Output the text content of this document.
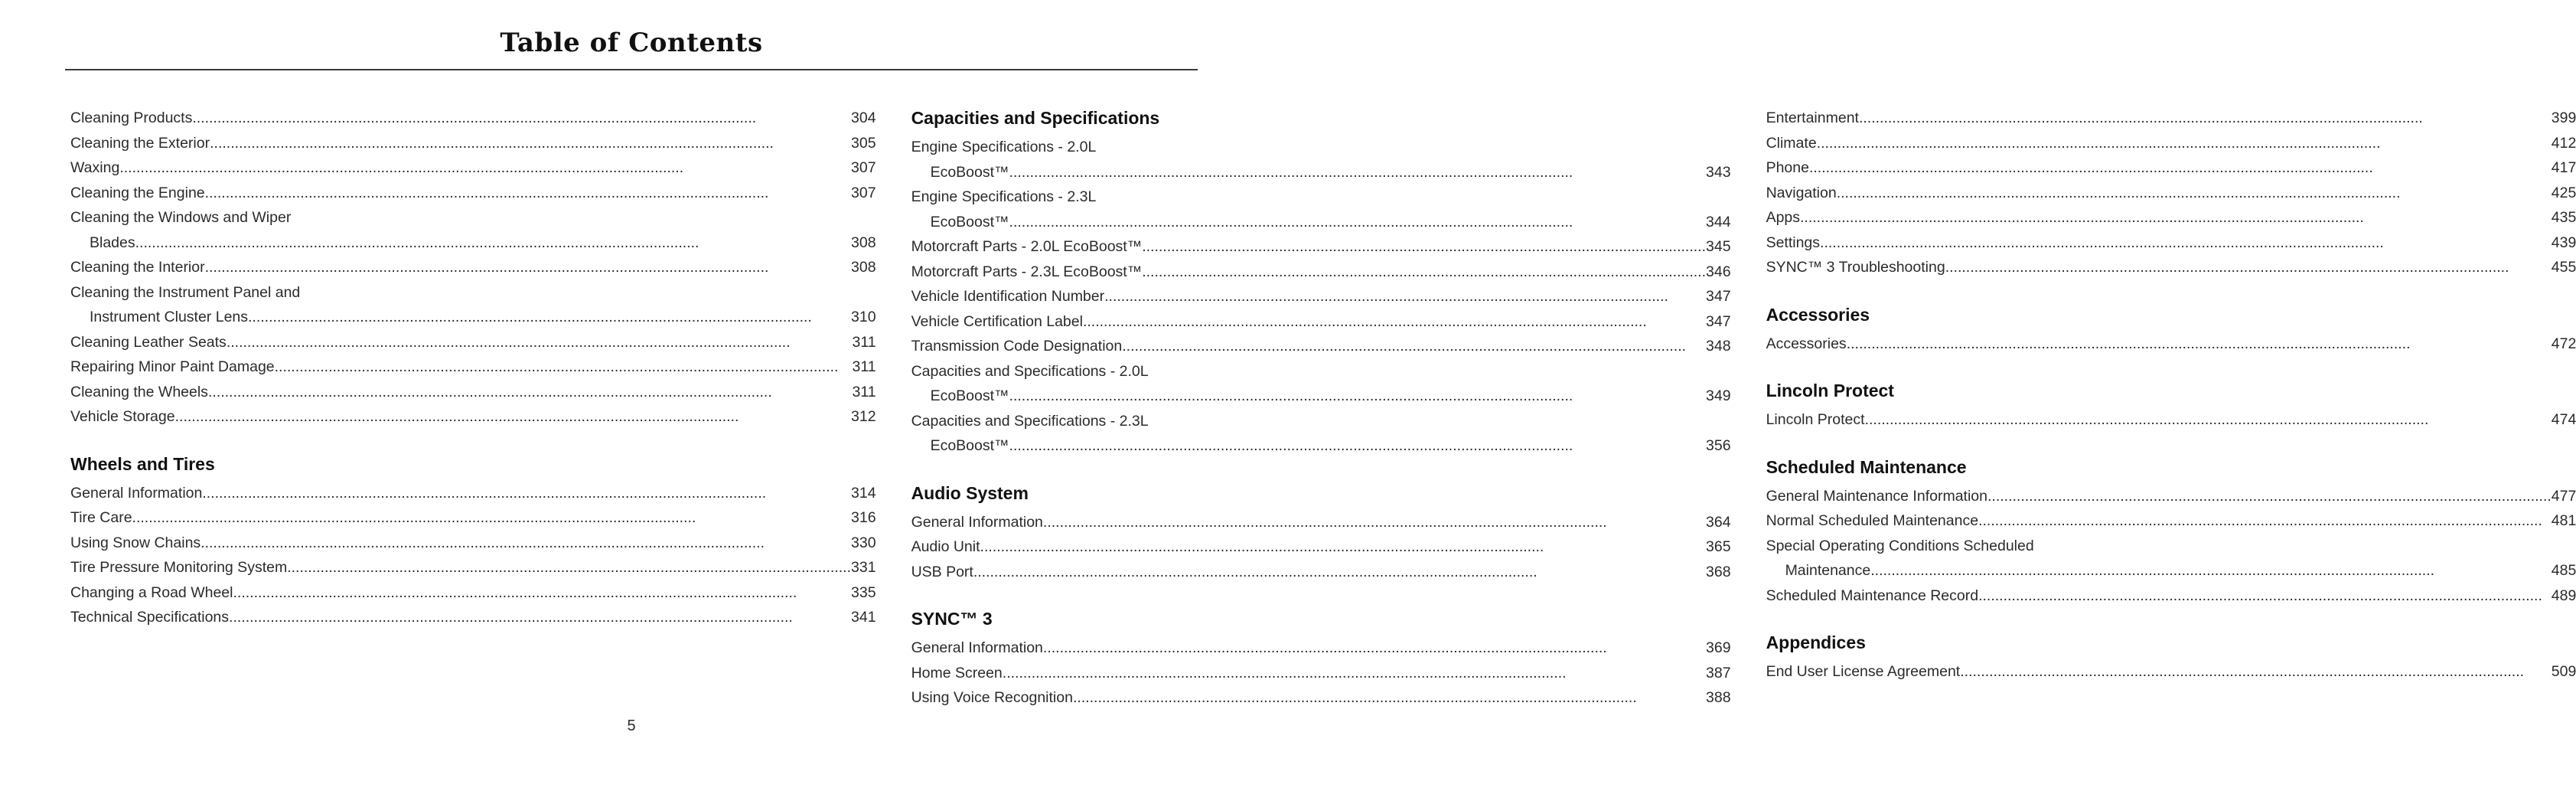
Table of Contents
Cleaning Products .....	304
Cleaning the Exterior .....	305
Waxing .....	307
Cleaning the Engine .....	307
Cleaning the Windows and Wiper
Blades .....	308
Cleaning the Interior .....	308
Cleaning the Instrument Panel and
Instrument Cluster Lens .....	310
Cleaning Leather Seats .....	311
Repairing Minor Paint Damage .....	311
Cleaning the Wheels .....	311
Vehicle Storage .....	312
Wheels and Tires
General Information .....	314
Tire Care .....	316
Using Snow Chains .....	330
Tire Pressure Monitoring System .....	331
Changing a Road Wheel .....	335
Technical Specifications .....	341
Capacities and Specifications
Engine Specifications - 2.0L
EcoBoost™ .....	343
Engine Specifications - 2.3L
EcoBoost™ .....	344
Motorcraft Parts - 2.0L EcoBoost™ .....	345
Motorcraft Parts - 2.3L EcoBoost™ .....	346
Vehicle Identification Number .....	347
Vehicle Certification Label .....	347
Transmission Code Designation .....	348
Capacities and Specifications - 2.0L
EcoBoost™ .....	349
Capacities and Specifications - 2.3L
EcoBoost™ .....	356
Audio System
General Information .....	364
Audio Unit .....	365
USB Port .....	368
SYNC™ 3
General Information .....	369
Home Screen .....	387
Using Voice Recognition .....	388
Entertainment .....	399
Climate .....	412
Phone .....	417
Navigation .....	425
Apps .....	435
Settings .....	439
SYNC™ 3 Troubleshooting .....	455
Accessories
Accessories .....	472
Lincoln Protect
Lincoln Protect .....	474
Scheduled Maintenance
General Maintenance Information .....	477
Normal Scheduled Maintenance .....	481
Special Operating Conditions Scheduled
Maintenance .....	485
Scheduled Maintenance Record .....	489
Appendices
End User License Agreement .....	509
5
